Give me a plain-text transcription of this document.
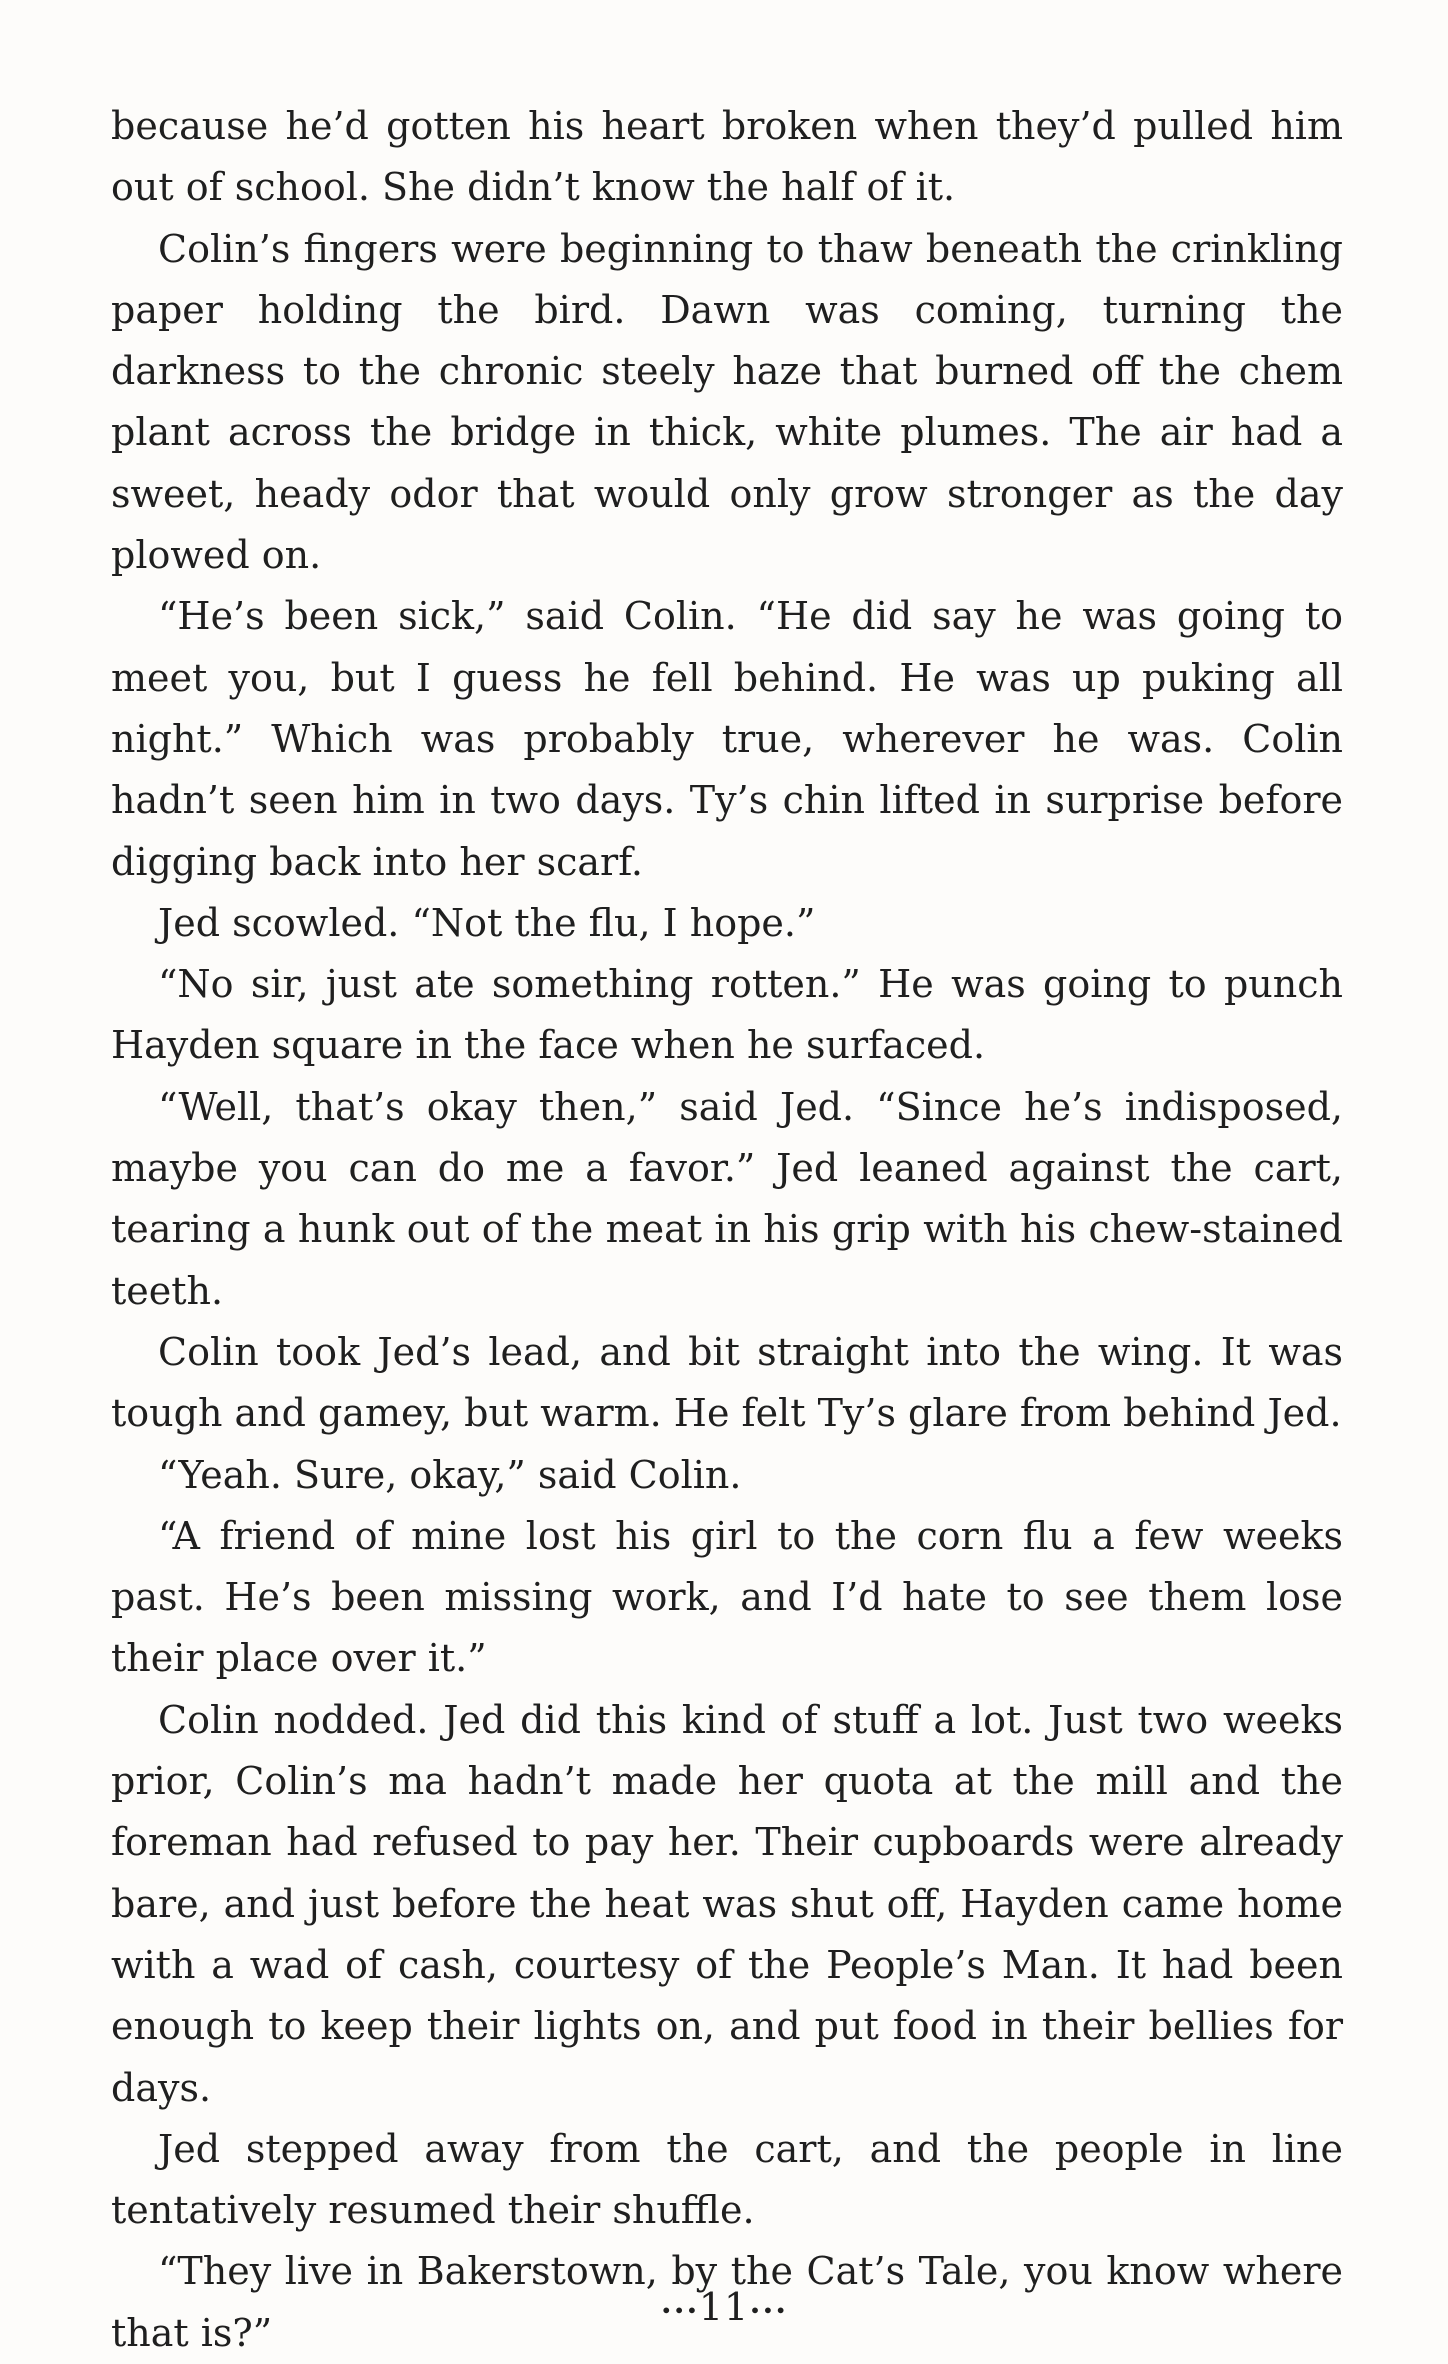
because he’d gotten his heart broken when they’d pulled him out of school. She didn’t know the half of it.

Colin’s fingers were beginning to thaw beneath the crinkling paper holding the bird. Dawn was coming, turning the darkness to the chronic steely haze that burned off the chem plant across the bridge in thick, white plumes. The air had a sweet, heady odor that would only grow stronger as the day plowed on.

“He’s been sick,” said Colin. “He did say he was going to meet you, but I guess he fell behind. He was up puking all night.” Which was probably true, wherever he was. Colin hadn’t seen him in two days. Ty’s chin lifted in surprise before digging back into her scarf.

Jed scowled. “Not the flu, I hope.”

“No sir, just ate something rotten.” He was going to punch Hayden square in the face when he surfaced.

“Well, that’s okay then,” said Jed. “Since he’s indisposed, maybe you can do me a favor.” Jed leaned against the cart, tearing a hunk out of the meat in his grip with his chew-stained teeth.

Colin took Jed’s lead, and bit straight into the wing. It was tough and gamey, but warm. He felt Ty’s glare from behind Jed.

“Yeah. Sure, okay,” said Colin.

“A friend of mine lost his girl to the corn flu a few weeks past. He’s been missing work, and I’d hate to see them lose their place over it.”

Colin nodded. Jed did this kind of stuff a lot. Just two weeks prior, Colin’s ma hadn’t made her quota at the mill and the foreman had refused to pay her. Their cupboards were already bare, and just before the heat was shut off, Hayden came home with a wad of cash, courtesy of the People’s Man. It had been enough to keep their lights on, and put food in their bellies for days.

Jed stepped away from the cart, and the people in line tentatively resumed their shuffle.

“They live in Bakerstown, by the Cat’s Tale, you know where that is?”

•••11•••
